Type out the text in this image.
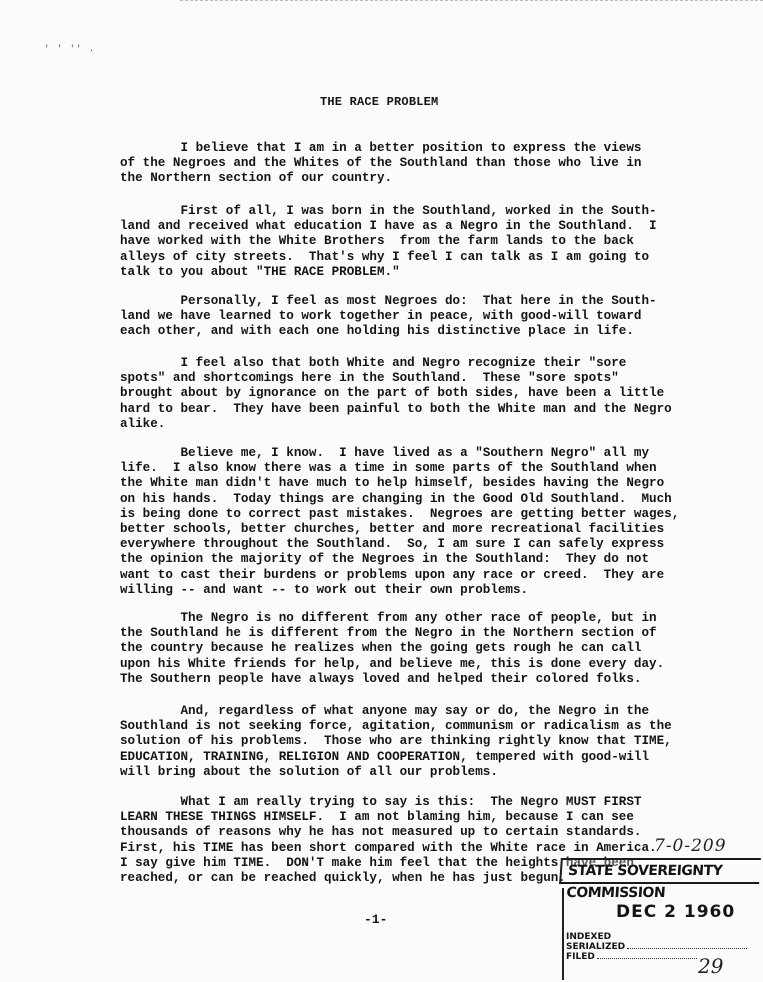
' ' '' .
THE RACE PROBLEM
I believe that I am in a better position to express the views
of the Negroes and the Whites of the Southland than those who live in
the Northern section of our country.
First of all, I was born in the Southland, worked in the South-
land and received what education I have as a Negro in the Southland.  I
have worked with the White Brothers  from the farm lands to the back
alleys of city streets.  That's why I feel I can talk as I am going to
talk to you about "THE RACE PROBLEM."
Personally, I feel as most Negroes do:  That here in the South-
land we have learned to work together in peace, with good-will toward
each other, and with each one holding his distinctive place in life.
I feel also that both White and Negro recognize their "sore
spots" and shortcomings here in the Southland.  These "sore spots"
brought about by ignorance on the part of both sides, have been a little
hard to bear.  They have been painful to both the White man and the Negro
alike.
Believe me, I know.  I have lived as a "Southern Negro" all my
life.  I also know there was a time in some parts of the Southland when
the White man didn't have much to help himself, besides having the Negro
on his hands.  Today things are changing in the Good Old Southland.  Much
is being done to correct past mistakes.  Negroes are getting better wages,
better schools, better churches, better and more recreational facilities
everywhere throughout the Southland.  So, I am sure I can safely express
the opinion the majority of the Negroes in the Southland:  They do not
want to cast their burdens or problems upon any race or creed.  They are
willing -- and want -- to work out their own problems.
The Negro is no different from any other race of people, but in
the Southland he is different from the Negro in the Northern section of
the country because he realizes when the going gets rough he can call
upon his White friends for help, and believe me, this is done every day.
The Southern people have always loved and helped their colored folks.
And, regardless of what anyone may say or do, the Negro in the
Southland is not seeking force, agitation, communism or radicalism as the
solution of his problems.  Those who are thinking rightly know that TIME,
EDUCATION, TRAINING, RELIGION AND COOPERATION, tempered with good-will
will bring about the solution of all our problems.
What I am really trying to say is this:  The Negro MUST FIRST
LEARN THESE THINGS HIMSELF.  I am not blaming him, because I can see
thousands of reasons why he has not measured up to certain standards.
First, his TIME has been short compared with the White race in America.
I say give him TIME.  DON'T make him feel that the heights have been
reached, or can be reached quickly, when he has just begun.
-1-
7-0-209
STATE SOVEREIGNTY COMMISSION
DEC 2 1960
INDEXED
SERIALIZED
FILED	29
